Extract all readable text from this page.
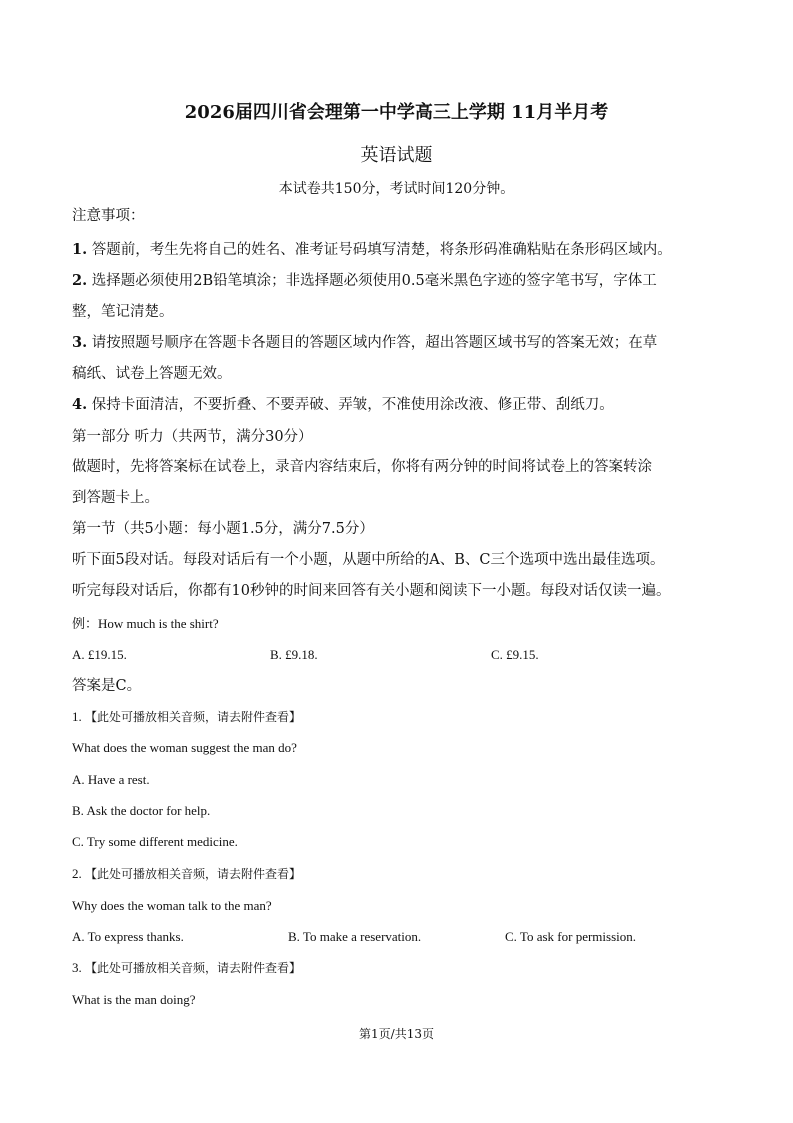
2026届四川省会理第一中学高三上学期 11月半月考
英语试题
本试卷共150分，考试时间120分钟。
注意事项：
1. 答题前，考生先将自己的姓名、准考证号码填写清楚，将条形码准确粘贴在条形码区域内。
2. 选择题必须使用2B铅笔填涂；非选择题必须使用0.5毫米黑色字迹的签字笔书写，字体工
整，笔记清楚。
3. 请按照题号顺序在答题卡各题目的答题区域内作答，超出答题区域书写的答案无效；在草
稿纸、试卷上答题无效。
4. 保持卡面清洁，不要折叠、不要弄破、弄皱，不准使用涂改液、修正带、刮纸刀。
第一部分 听力（共两节，满分30分）
做题时，先将答案标在试卷上，录音内容结束后，你将有两分钟的时间将试卷上的答案转涂
到答题卡上。
第一节（共5小题：每小题1.5分，满分7.5分）
听下面5段对话。每段对话后有一个小题，从题中所给的A、B、C三个选项中选出最佳选项。
听完每段对话后，你都有10秒钟的时间来回答有关小题和阅读下一小题。每段对话仅读一遍。
例：How much is the shirt?
A. £19.15.	B. £9.18.	C. £9.15.
答案是C。
1. 【此处可播放相关音频，请去附件查看】
What does the woman suggest the man do?
A. Have a rest.
B. Ask the doctor for help.
C. Try some different medicine.
2. 【此处可播放相关音频，请去附件查看】
Why does the woman talk to the man?
A. To express thanks.	B. To make a reservation.	C. To ask for permission.
3. 【此处可播放相关音频，请去附件查看】
What is the man doing?
第1页/共13页
